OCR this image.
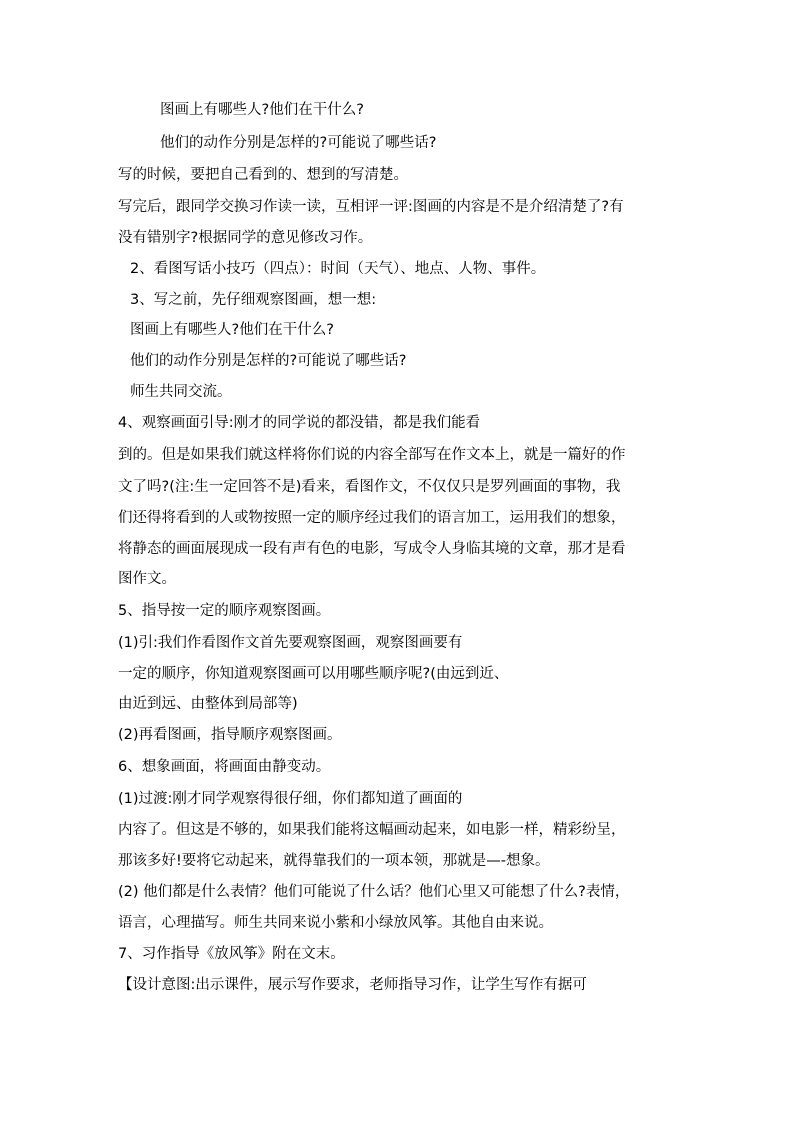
图画上有哪些人?他们在干什么?
他们的动作分别是怎样的?可能说了哪些话?
写的时候，要把自己看到的、想到的写清楚。
写完后，跟同学交换习作读一读，互相评一评:图画的内容是不是介绍清楚了?有
没有错别字?根据同学的意见修改习作。
2、看图写话小技巧（四点）：时间（天气）、地点、人物、事件。
3、写之前，先仔细观察图画，想一想:
图画上有哪些人?他们在干什么?
他们的动作分别是怎样的?可能说了哪些话?
师生共同交流。
4、观察画面引导:刚才的同学说的都没错，都是我们能看
到的。但是如果我们就这样将你们说的内容全部写在作文本上，就是一篇好的作
文了吗?(注:生一定回答不是)看来，看图作文，不仅仅只是罗列画面的事物，我
们还得将看到的人或物按照一定的顺序经过我们的语言加工，运用我们的想象，
将静态的画面展现成一段有声有色的电影，写成令人身临其境的文章，那才是看
图作文。
5、指导按一定的顺序观察图画。
(1)引:我们作看图作文首先要观察图画，观察图画要有
一定的顺序，你知道观察图画可以用哪些顺序呢?(由远到近、
由近到远、由整体到局部等)
(2)再看图画，指导顺序观察图画。
6、想象画面，将画面由静变动。
(1)过渡:刚才同学观察得很仔细，你们都知道了画面的
内容了。但这是不够的，如果我们能将这幅画动起来，如电影一样，精彩纷呈，
那该多好!要将它动起来，就得靠我们的一项本领，那就是—-想象。
(2) 他们都是什么表情？他们可能说了什么话？他们心里又可能想了什么?表情，
语言，心理描写。师生共同来说小紫和小绿放风筝。其他自由来说。
7、习作指导《放风筝》附在文末。
【设计意图:出示课件，展示写作要求，老师指导习作，让学生写作有据可
